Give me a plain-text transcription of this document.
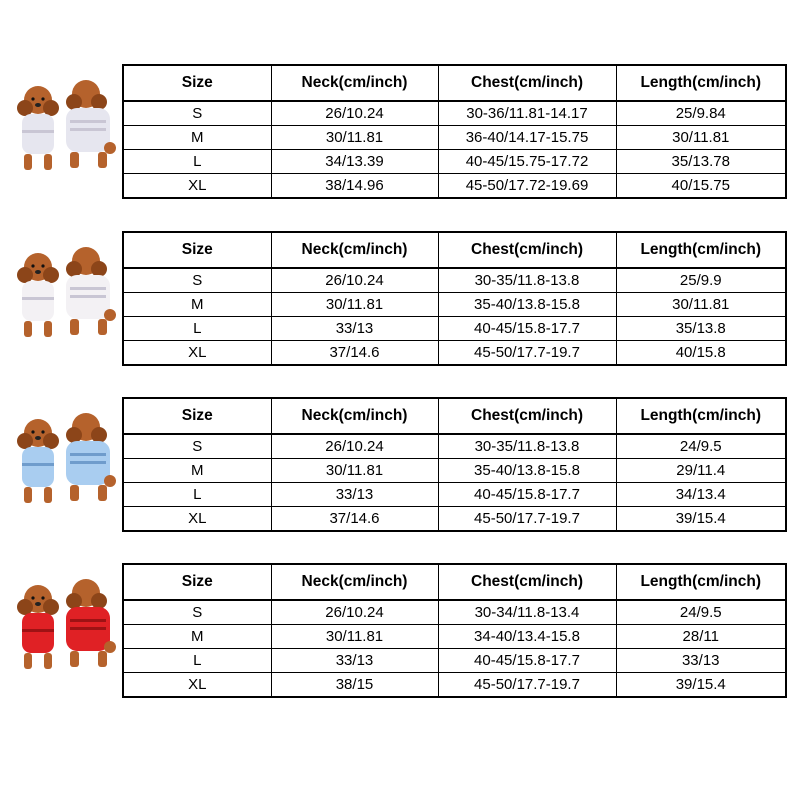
Size	Neck(cm/inch)	Chest(cm/inch)	Length(cm/inch)
S	26/10.24	30-36/11.81-14.17	25/9.84
M	30/11.81	36-40/14.17-15.75	30/11.81
L	34/13.39	40-45/15.75-17.72	35/13.78
XL	38/14.96	45-50/17.72-19.69	40/15.75
Size	Neck(cm/inch)	Chest(cm/inch)	Length(cm/inch)
S	26/10.24	30-35/11.8-13.8	25/9.9
M	30/11.81	35-40/13.8-15.8	30/11.81
L	33/13	40-45/15.8-17.7	35/13.8
XL	37/14.6	45-50/17.7-19.7	40/15.8
Size	Neck(cm/inch)	Chest(cm/inch)	Length(cm/inch)
S	26/10.24	30-35/11.8-13.8	24/9.5
M	30/11.81	35-40/13.8-15.8	29/11.4
L	33/13	40-45/15.8-17.7	34/13.4
XL	37/14.6	45-50/17.7-19.7	39/15.4
Size	Neck(cm/inch)	Chest(cm/inch)	Length(cm/inch)
S	26/10.24	30-34/11.8-13.4	24/9.5
M	30/11.81	34-40/13.4-15.8	28/11
L	33/13	40-45/15.8-17.7	33/13
XL	38/15	45-50/17.7-19.7	39/15.4
